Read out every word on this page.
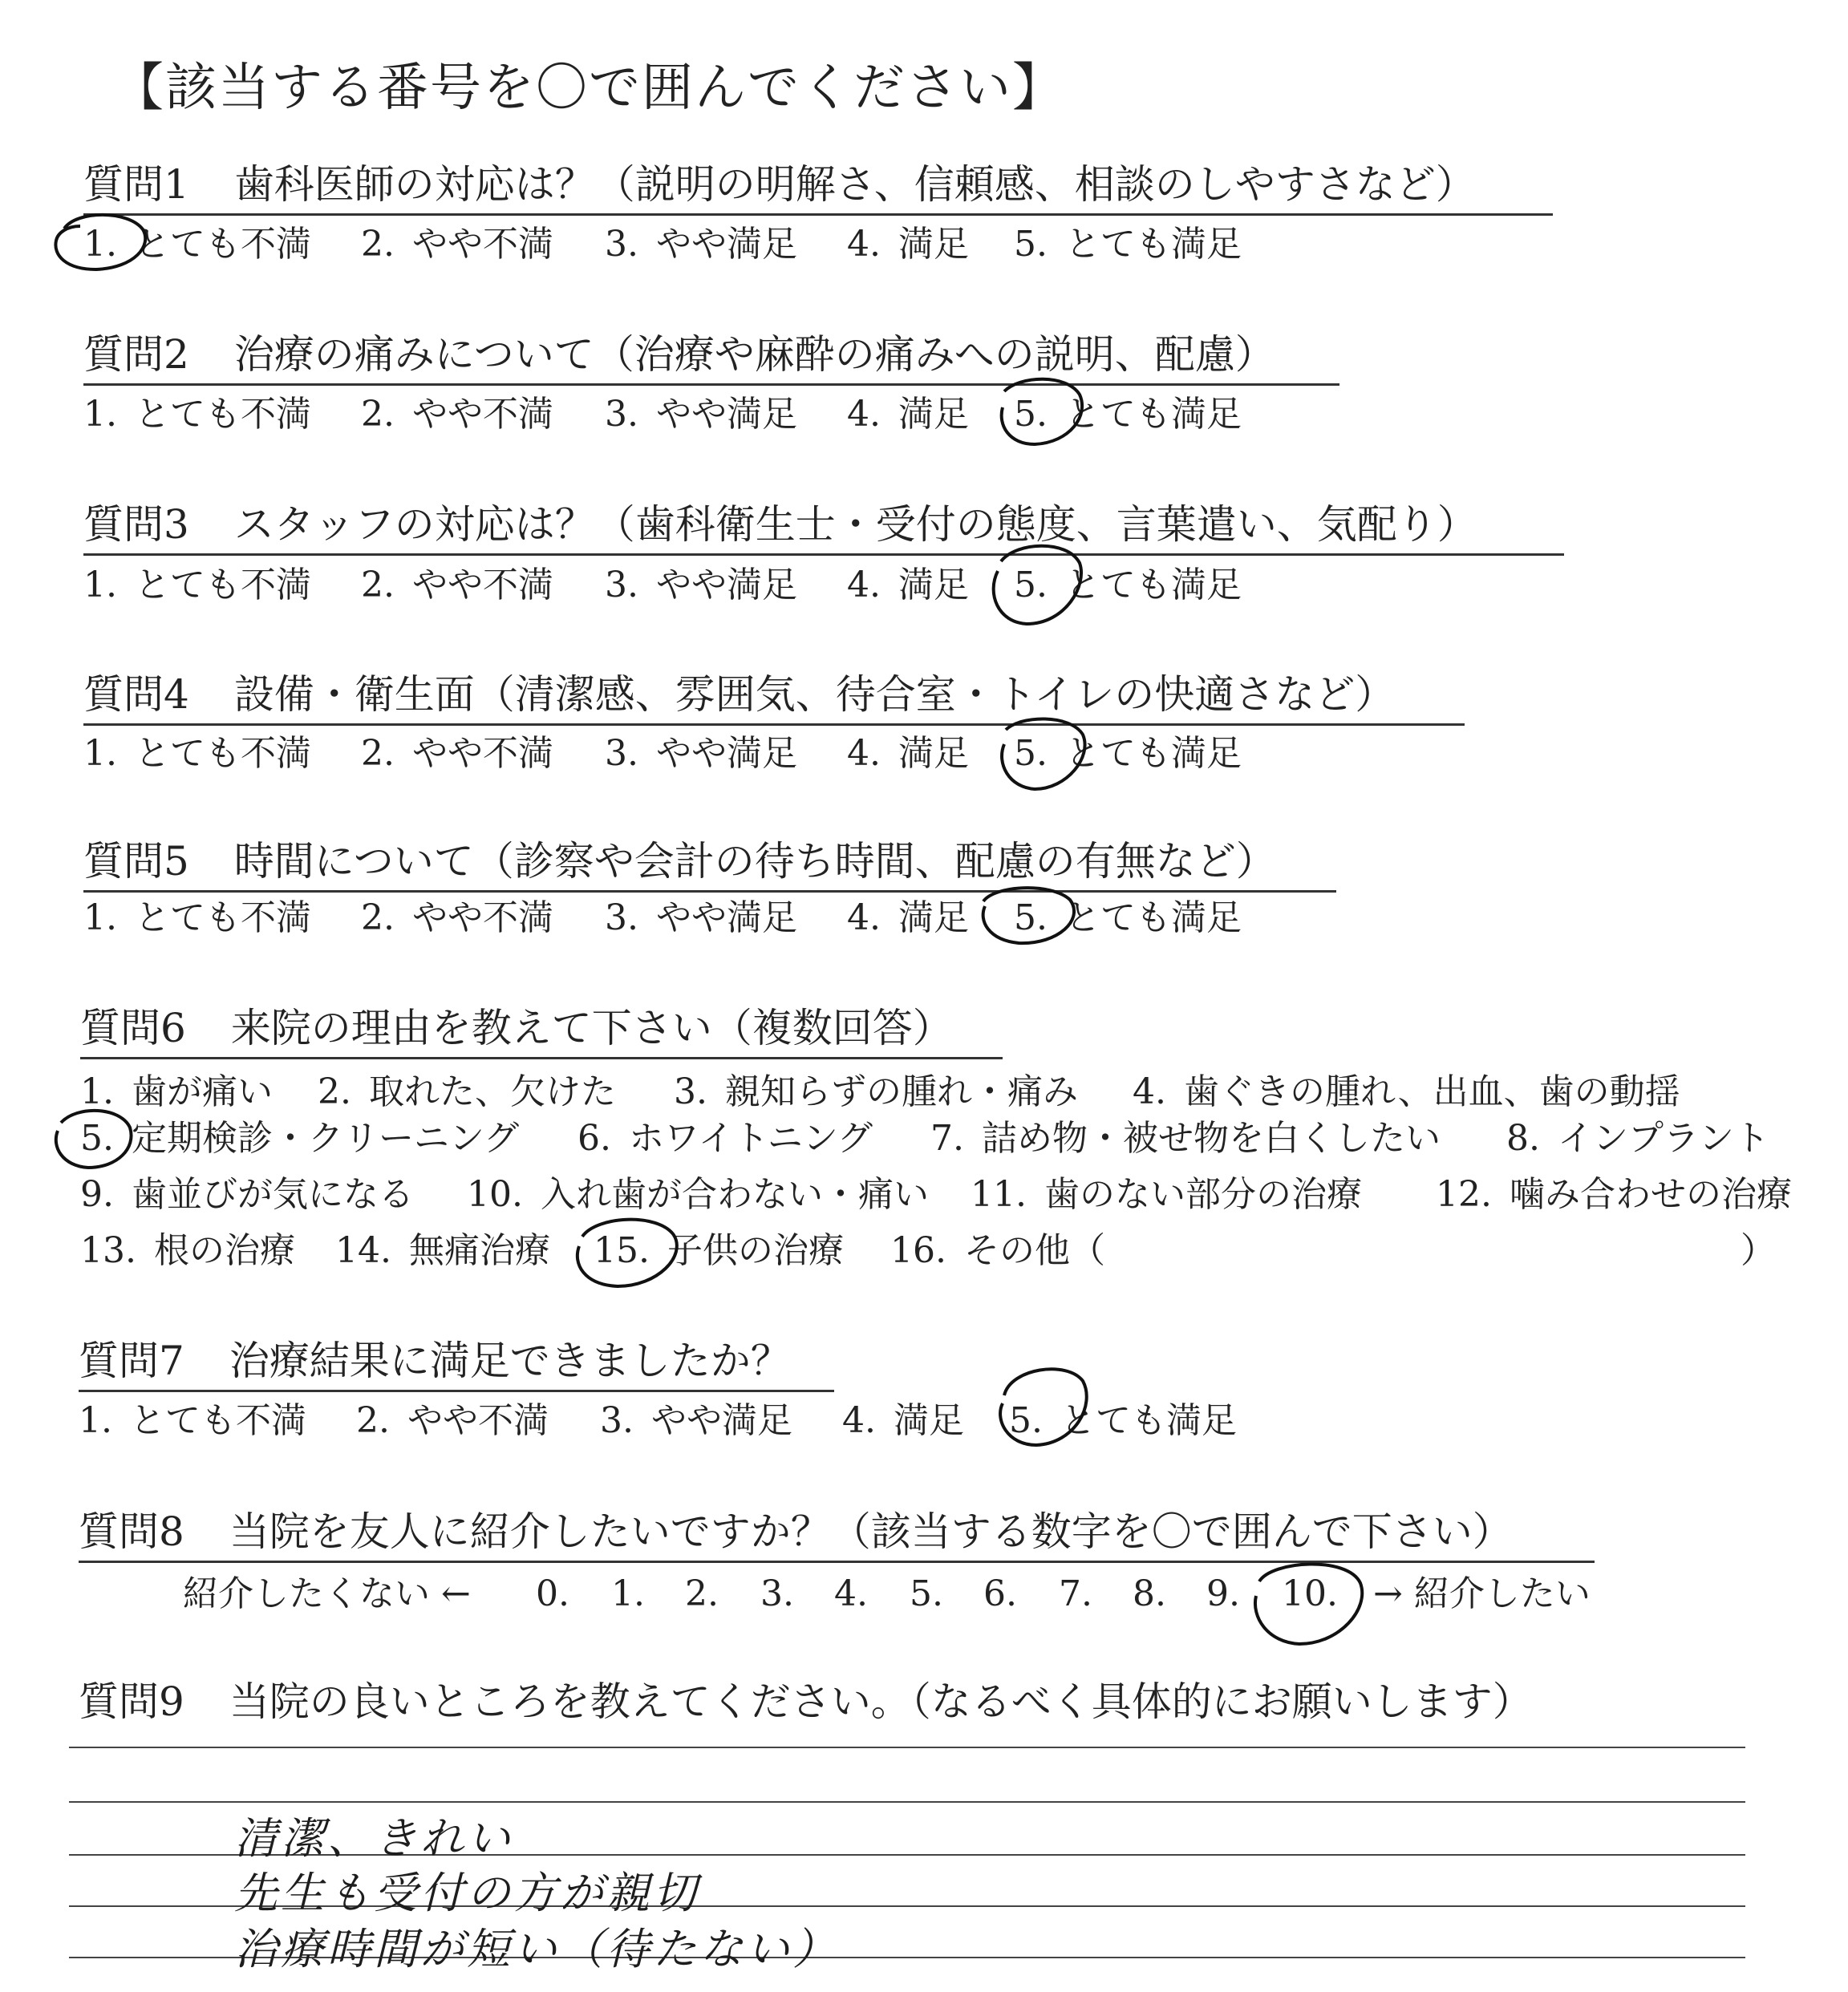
【該当する番号を〇で囲んでください】
質問1 歯科医師の対応は？（説明の明解さ、信頼感、相談のしやすさなど）
1. とても不満 2. やや不満 3. やや満足 4. 満足 5. とても満足
質問2 治療の痛みについて（治療や麻酔の痛みへの説明、配慮）
1. とても不満 2. やや不満 3. やや満足 4. 満足 5. とても満足
質問3 スタッフの対応は？（歯科衛生士・受付の態度、言葉遣い、気配り）
1. とても不満 2. やや不満 3. やや満足 4. 満足 5. とても満足
質問4 設備・衛生面（清潔感、雰囲気、待合室・トイレの快適さなど）
1. とても不満 2. やや不満 3. やや満足 4. 満足 5. とても満足
質問5 時間について（診察や会計の待ち時間、配慮の有無など）
1. とても不満 2. やや不満 3. やや満足 4. 満足 5. とても満足
質問6 来院の理由を教えて下さい（複数回答）
1. 歯が痛い 2. 取れた、欠けた 3. 親知らずの腫れ・痛み 4. 歯ぐきの腫れ、出血、歯の動揺
5. 定期検診・クリーニング 6. ホワイトニング 7. 詰め物・被せ物を白くしたい 8. インプラント
9. 歯並びが気になる 10. 入れ歯が合わない・痛い 11. 歯のない部分の治療 12. 噛み合わせの治療
13. 根の治療 14. 無痛治療 15. 子供の治療 16. その他（	）
質問7 治療結果に満足できましたか？
1. とても不満 2. やや不満 3. やや満足 4. 満足 5. とても満足
質問8 当院を友人に紹介したいですか？（該当する数字を〇で囲んで下さい）
紹介したくない ← 0. 1. 2. 3. 4. 5. 6. 7. 8. 9. 10. → 紹介したい
質問9 当院の良いところを教えてください。（なるべく具体的にお願いします）
清潔、きれい
先生も受付の方が親切
治療時間が短い（待たない）
